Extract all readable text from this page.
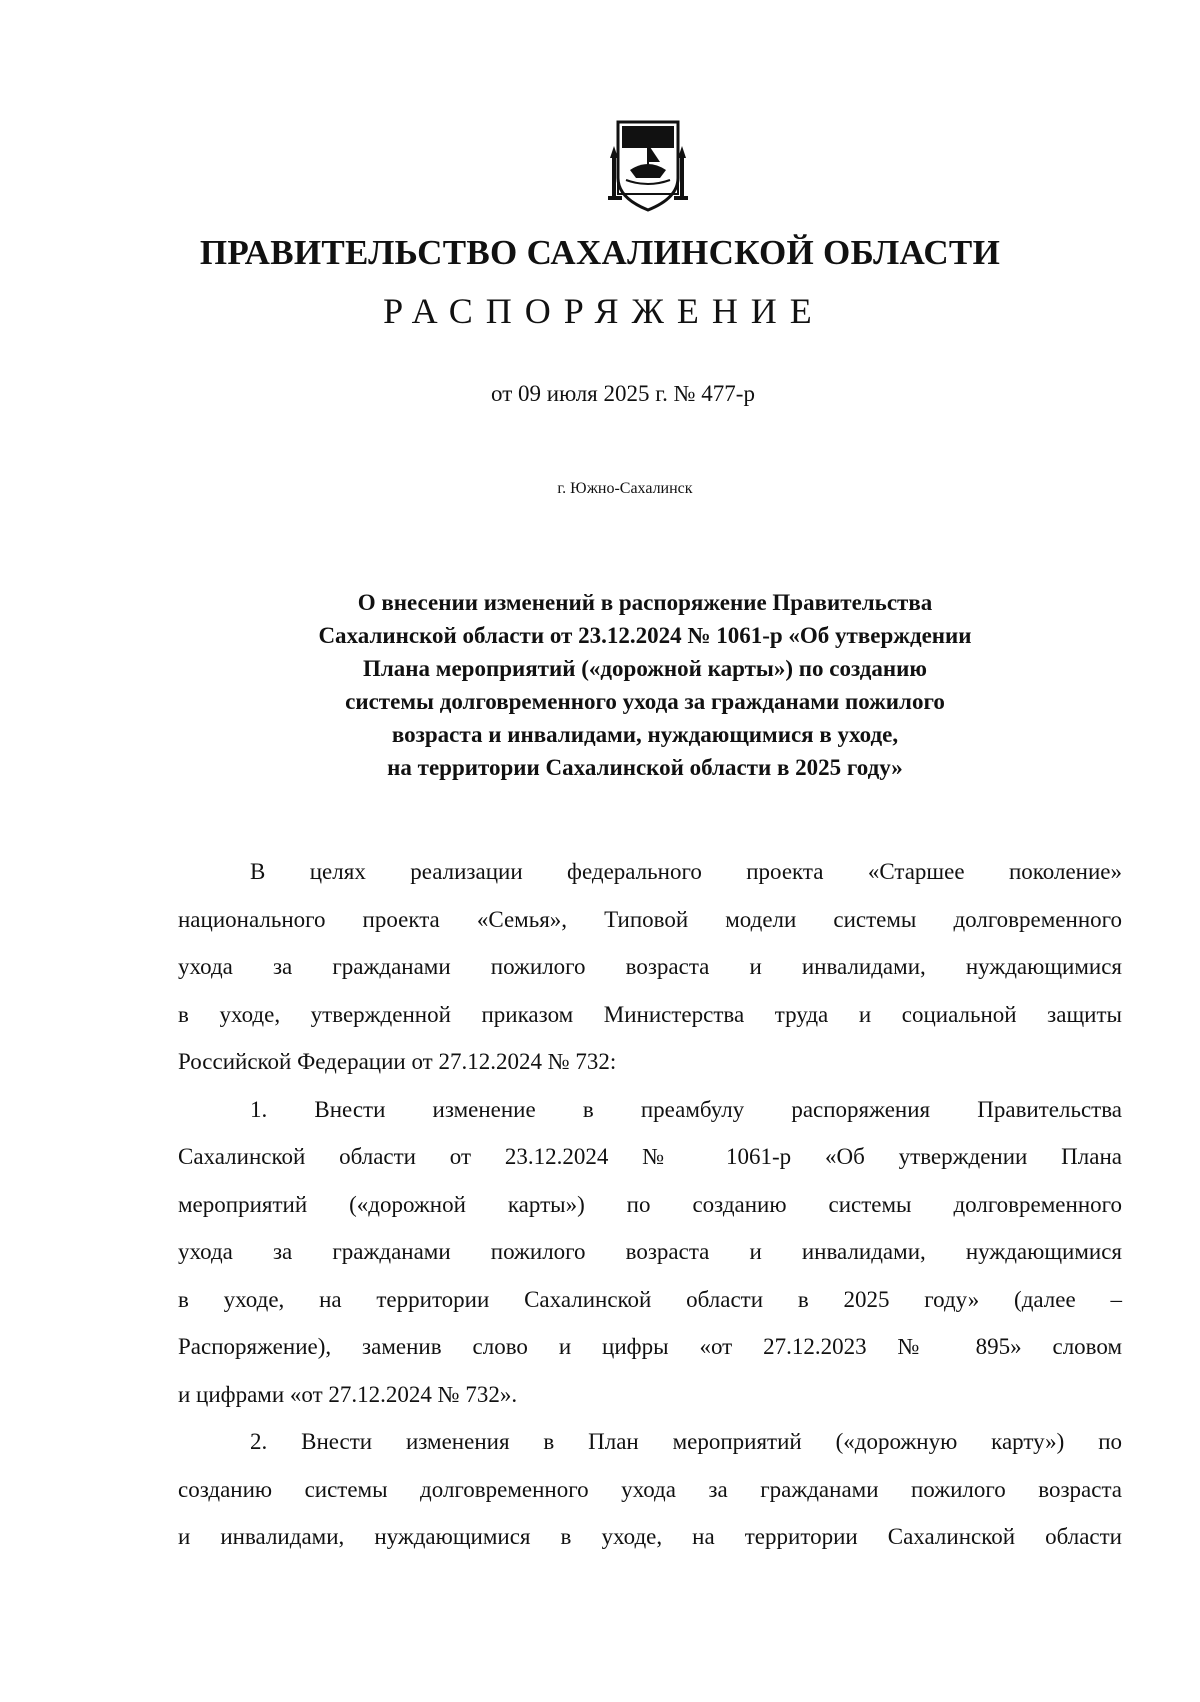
ПРАВИТЕЛЬСТВО САХАЛИНСКОЙ ОБЛАСТИ
РАСПОРЯЖЕНИЕ
от 09 июля 2025 г. № 477-р
г. Южно-Сахалинск
О внесении изменений в распоряжение Правительства
Сахалинской области от 23.12.2024 № 1061-р «Об утверждении
Плана мероприятий («дорожной карты») по созданию
системы долговременного ухода за гражданами пожилого
возраста и инвалидами, нуждающимися в уходе,
на территории Сахалинской области в 2025 году»
В целях реализации федерального проекта «Старшее поколение»
национального проекта «Семья», Типовой модели системы долговременного
ухода за гражданами пожилого возраста и инвалидами, нуждающимися
в уходе, утвержденной приказом Министерства труда и социальной защиты
Российской Федерации от 27.12.2024 № 732:
1. Внести изменение в преамбулу распоряжения Правительства
Сахалинской области от 23.12.2024 № 1061-р «Об утверждении Плана
мероприятий («дорожной карты») по созданию системы долговременного
ухода за гражданами пожилого возраста и инвалидами, нуждающимися
в уходе, на территории Сахалинской области в 2025 году» (далее –
Распоряжение), заменив слово и цифры «от 27.12.2023 № 895» словом
и цифрами «от 27.12.2024 № 732».
2. Внести изменения в План мероприятий («дорожную карту») по
созданию системы долговременного ухода за гражданами пожилого возраста
и инвалидами, нуждающимися в уходе, на территории Сахалинской области
